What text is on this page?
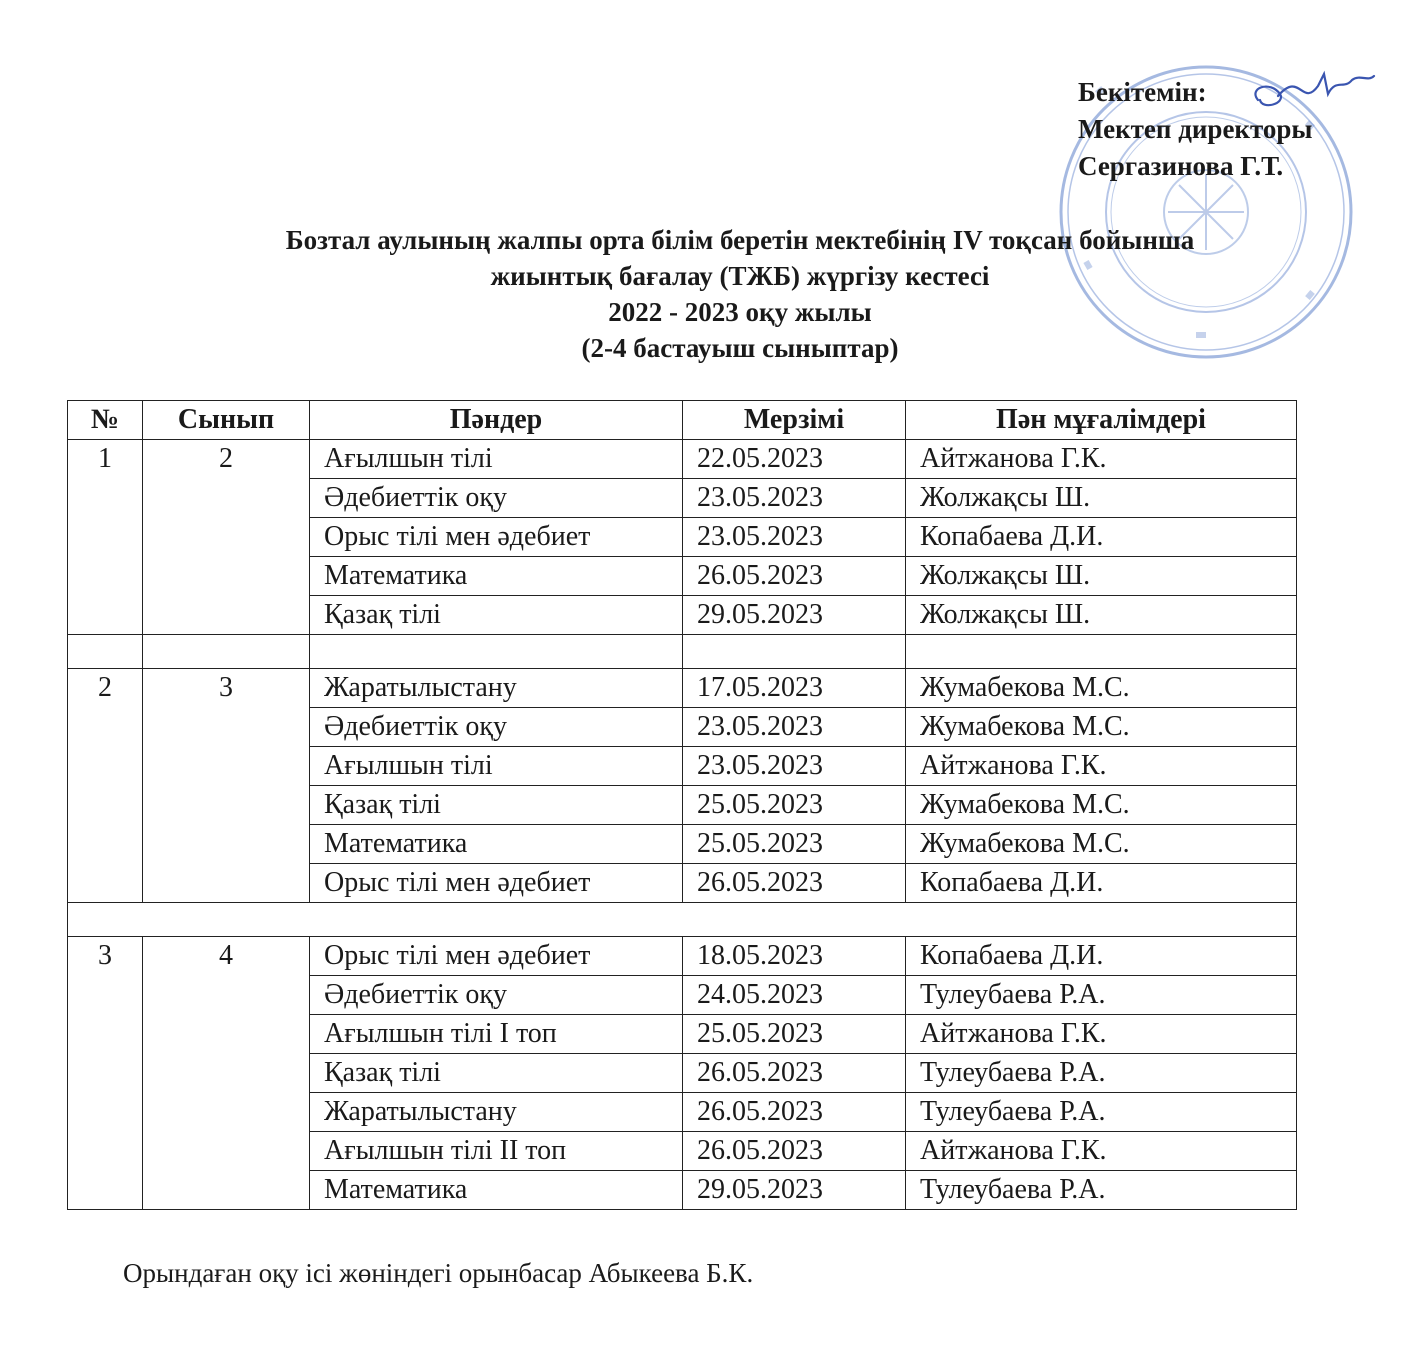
Бекітемін:
Мектеп директоры
Сергазинова Г.Т.
Бозтал аулының жалпы орта білім беретін мектебінің IV тоқсан бойынша
жиынтық бағалау (ТЖБ) жүргізу кестесі
2022 - 2023 оқу жылы
(2-4 бастауыш сыныптар)
№	Сынып	Пәндер	Мерзімі	Пән мұғалімдері
1	2	Ағылшын тілі	22.05.2023	Айтжанова Г.К.
		Әдебиеттік оқу	23.05.2023	Жолжақсы Ш.
		Орыс тілі мен әдебиет	23.05.2023	Копабаева Д.И.
		Математика	26.05.2023	Жолжақсы Ш.
		Қазақ тілі	29.05.2023	Жолжақсы Ш.

2	3	Жаратылыстану	17.05.2023	Жумабекова М.С.
		Әдебиеттік оқу	23.05.2023	Жумабекова М.С.
		Ағылшын тілі	23.05.2023	Айтжанова Г.К.
		Қазақ тілі	25.05.2023	Жумабекова М.С.
		Математика	25.05.2023	Жумабекова М.С.
		Орыс тілі мен әдебиет	26.05.2023	Копабаева Д.И.

3	4	Орыс тілі мен әдебиет	18.05.2023	Копабаева Д.И.
		Әдебиеттік оқу	24.05.2023	Тулеубаева Р.А.
		Ағылшын тілі І топ	25.05.2023	Айтжанова Г.К.
		Қазақ тілі	26.05.2023	Тулеубаева Р.А.
		Жаратылыстану	26.05.2023	Тулеубаева Р.А.
		Ағылшын тілі ІІ топ	26.05.2023	Айтжанова Г.К.
		Математика	29.05.2023	Тулеубаева Р.А.
Орындаған оқу ісі жөніндегі орынбасар Абыкеева Б.К.
